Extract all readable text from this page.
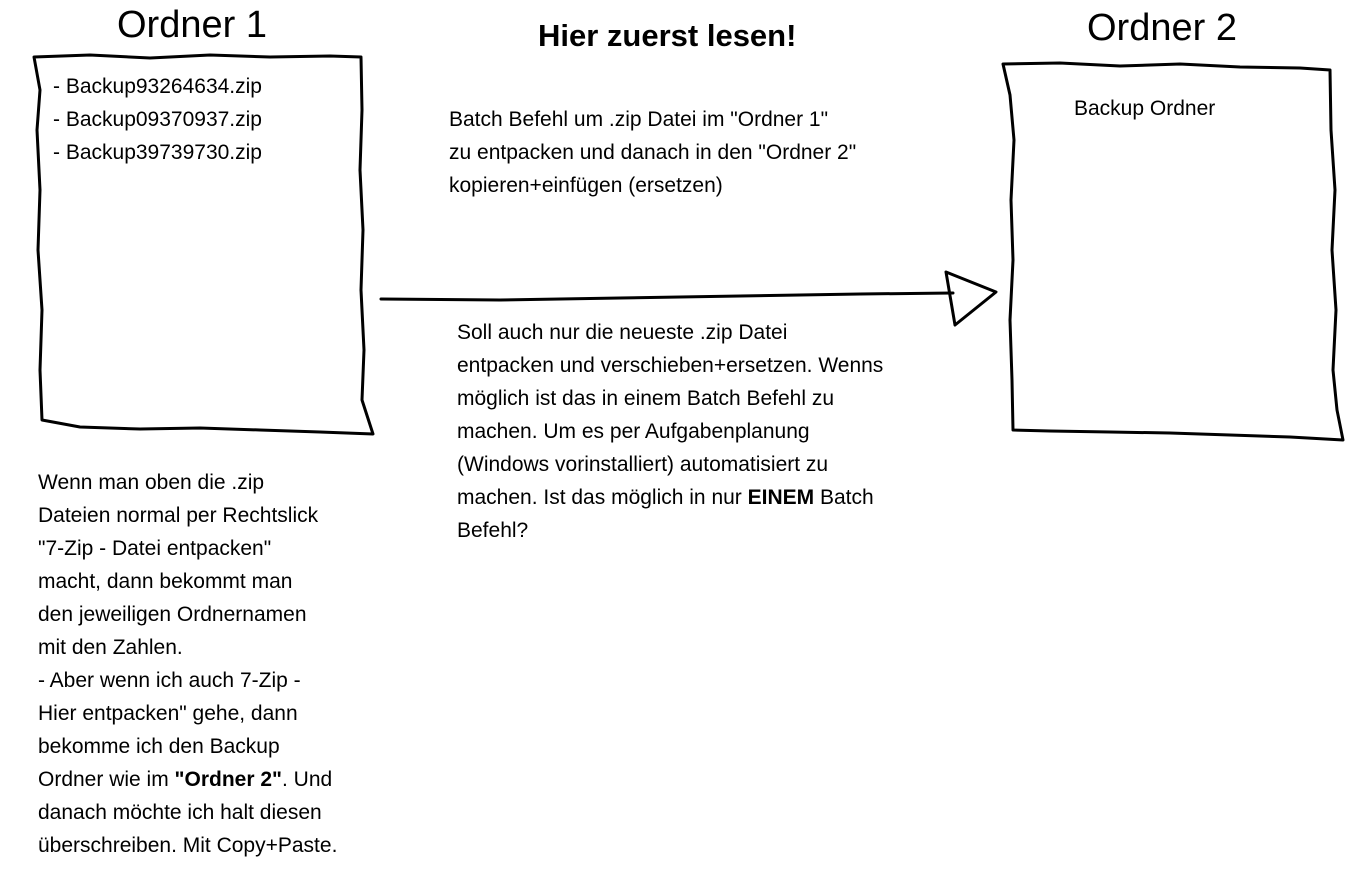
Ordner 1
- Backup93264634.zip
- Backup09370937.zip
- Backup39739730.zip
Hier zuerst lesen!	Ordner 2
Backup Ordner
Batch Befehl um .zip Datei im "Ordner 1"
zu entpacken und danach in den "Ordner 2"
kopieren+einfügen (ersetzen)
Soll auch nur die neueste .zip Datei
entpacken und verschieben+ersetzen. Wenns
möglich ist das in einem Batch Befehl zu
machen. Um es per Aufgabenplanung
(Windows vorinstalliert) automatisiert zu
machen. Ist das möglich in nur EINEM Batch
Befehl?
Wenn man oben die .zip
Dateien normal per Rechtslick
"7-Zip - Datei entpacken"
macht, dann bekommt man
den jeweiligen Ordnernamen
mit den Zahlen.
- Aber wenn ich auch 7-Zip -
Hier entpacken" gehe, dann
bekomme ich den Backup
Ordner wie im "Ordner 2". Und
danach möchte ich halt diesen
überschreiben. Mit Copy+Paste.
